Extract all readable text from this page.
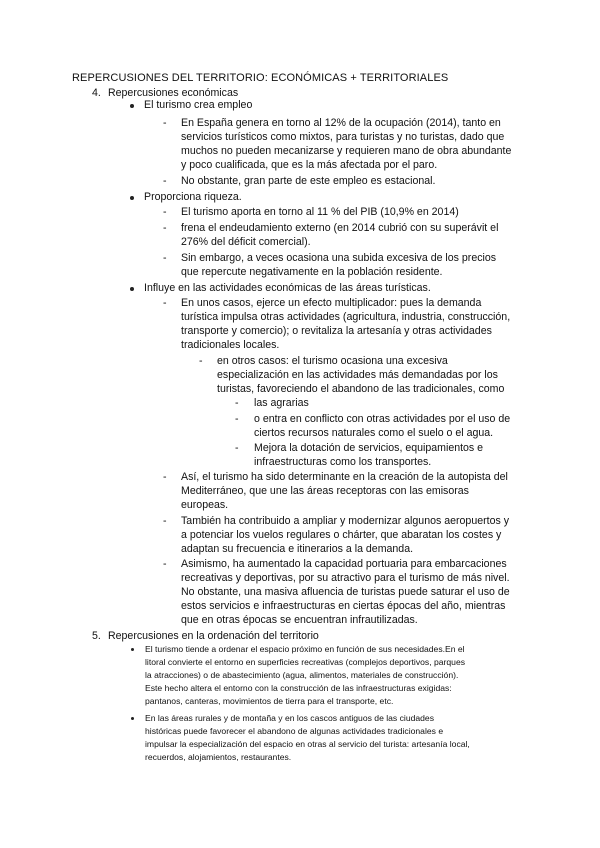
REPERCUSIONES DEL TERRITORIO: ECONÓMICAS + TERRITORIALES
4. Repercusiones económicas
El turismo crea empleo
- En España genera en torno al 12% de la ocupación (2014), tanto en
servicios turísticos como mixtos, para turistas y no turistas, dado que
muchos no pueden mecanizarse y requieren mano de obra abundante
y poco cualificada, que es la más afectada por el paro.
- No obstante, gran parte de este empleo es estacional.
Proporciona riqueza.
- El turismo aporta en torno al 11 % del PIB (10,9% en 2014)
- frena el endeudamiento externo (en 2014 cubrió con su superávit el
276% del déficit comercial).
- Sin embargo, a veces ocasiona una subida excesiva de los precios
que repercute negativamente en la población residente.
Influye en las actividades económicas de las áreas turísticas.
- En unos casos, ejerce un efecto multiplicador: pues la demanda
turística impulsa otras actividades (agricultura, industria, construcción,
transporte y comercio); o revitaliza la artesanía y otras actividades
tradicionales locales.
- en otros casos: el turismo ocasiona una excesiva
especialización en las actividades más demandadas por los
turistas, favoreciendo el abandono de las tradicionales, como
- las agrarias
- o entra en conflicto con otras actividades por el uso de
ciertos recursos naturales como el suelo o el agua.
- Mejora la dotación de servicios, equipamientos e
infraestructuras como los transportes.
- Así, el turismo ha sido determinante en la creación de la autopista del
Mediterráneo, que une las áreas receptoras con las emisoras
europeas.
- También ha contribuido a ampliar y modernizar algunos aeropuertos y
a potenciar los vuelos regulares o chárter, que abaratan los costes y
adaptan su frecuencia e itinerarios a la demanda.
- Asimismo, ha aumentado la capacidad portuaria para embarcaciones
recreativas y deportivas, por su atractivo para el turismo de más nivel.
No obstante, una masiva afluencia de turistas puede saturar el uso de
estos servicios e infraestructuras en ciertas épocas del año, mientras
que en otras épocas se encuentran infrautilizadas.
5. Repercusiones en la ordenación del territorio
El turismo tiende a ordenar el espacio próximo en función de sus necesidades.En el
litoral convierte el entorno en superficies recreativas (complejos deportivos, parques
la atracciones) o de abastecimiento (agua, alimentos, materiales de construcción).
Este hecho altera el entorno con la construcción de las infraestructuras exigidas:
pantanos, canteras, movimientos de tierra para el transporte, etc.
En las áreas rurales y de montaña y en los cascos antiguos de las ciudades
históricas puede favorecer el abandono de algunas actividades tradicionales e
impulsar la especialización del espacio en otras al servicio del turista: artesanía local,
recuerdos, alojamientos, restaurantes.
